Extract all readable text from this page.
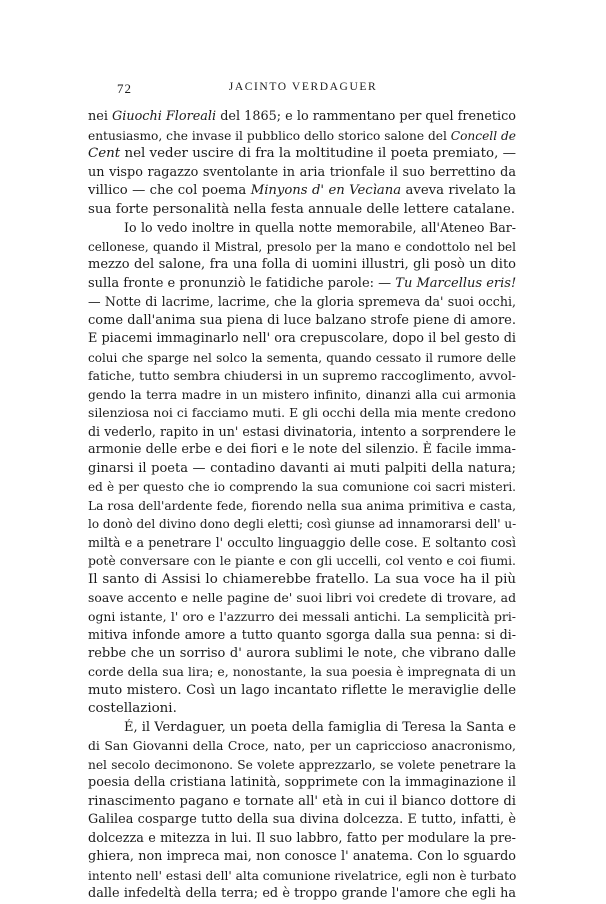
72	JACINTO VERDAGUER
nei Giuochi Floreali del 1865; e lo rammentano per quel frenetico
entusiasmo, che invase il pubblico dello storico salone del Concell de
Cent nel veder uscire di fra la moltitudine il poeta premiato, —
un vispo ragazzo sventolante in aria trionfale il suo berrettino da
villico — che col poema Minyons d' en Vecìana aveva rivelato la
sua forte personalità nella festa annuale delle lettere catalane.
Io lo vedo inoltre in quella notte memorabile, all'Ateneo Bar-
cellonese, quando il Mistral, presolo per la mano e condottolo nel bel
mezzo del salone, fra una folla di uomini illustri, gli posò un dito
sulla fronte e pronunziò le fatidiche parole: — Tu Marcellus eris!
— Notte di lacrime, lacrime, che la gloria spremeva da' suoi occhi,
come dall'anima sua piena di luce balzano strofe piene di amore.
E piacemi immaginarlo nell' ora crepuscolare, dopo il bel gesto di
colui che sparge nel solco la sementa, quando cessato il rumore delle
fatiche, tutto sembra chiudersi in un supremo raccoglimento, avvol-
gendo la terra madre in un mistero infinito, dinanzi alla cui armonia
silenziosa noi ci facciamo muti. E gli occhi della mia mente credono
di vederlo, rapito in un' estasi divinatoria, intento a sorprendere le
armonie delle erbe e dei fiori e le note del silenzio. È facile imma-
ginarsi il poeta — contadino davanti ai muti palpiti della natura;
ed è per questo che io comprendo la sua comunione coi sacri misteri.
La rosa dell'ardente fede, fiorendo nella sua anima primitiva e casta,
lo donò del divino dono degli eletti; così giunse ad innamorarsi dell' u-
miltà e a penetrare l' occulto linguaggio delle cose. E soltanto così
potè conversare con le piante e con gli uccelli, col vento e coi fiumi.
Il santo di Assisi lo chiamerebbe fratello. La sua voce ha il più
soave accento e nelle pagine de' suoi libri voi credete di trovare, ad
ogni istante, l' oro e l'azzurro dei messali antichi. La semplicità pri-
mitiva infonde amore a tutto quanto sgorga dalla sua penna: si di-
rebbe che un sorriso d' aurora sublimi le note, che vibrano dalle
corde della sua lira; e, nonostante, la sua poesia è impregnata di un
muto mistero. Così un lago incantato riflette le meraviglie delle
costellazioni.
É, il Verdaguer, un poeta della famiglia di Teresa la Santa e
di San Giovanni della Croce, nato, per un capriccioso anacronismo,
nel secolo decimonono. Se volete apprezzarlo, se volete penetrare la
poesia della cristiana latinità, sopprimete con la immaginazione il
rinascimento pagano e tornate all' età in cui il bianco dottore di
Galilea cosparge tutto della sua divina dolcezza. E tutto, infatti, è
dolcezza e mitezza in lui. Il suo labbro, fatto per modulare la pre-
ghiera, non impreca mai, non conosce l' anatema. Con lo sguardo
intento nell' estasi dell' alta comunione rivelatrice, egli non è turbato
dalle infedeltà della terra; ed è troppo grande l'amore che egli ha
